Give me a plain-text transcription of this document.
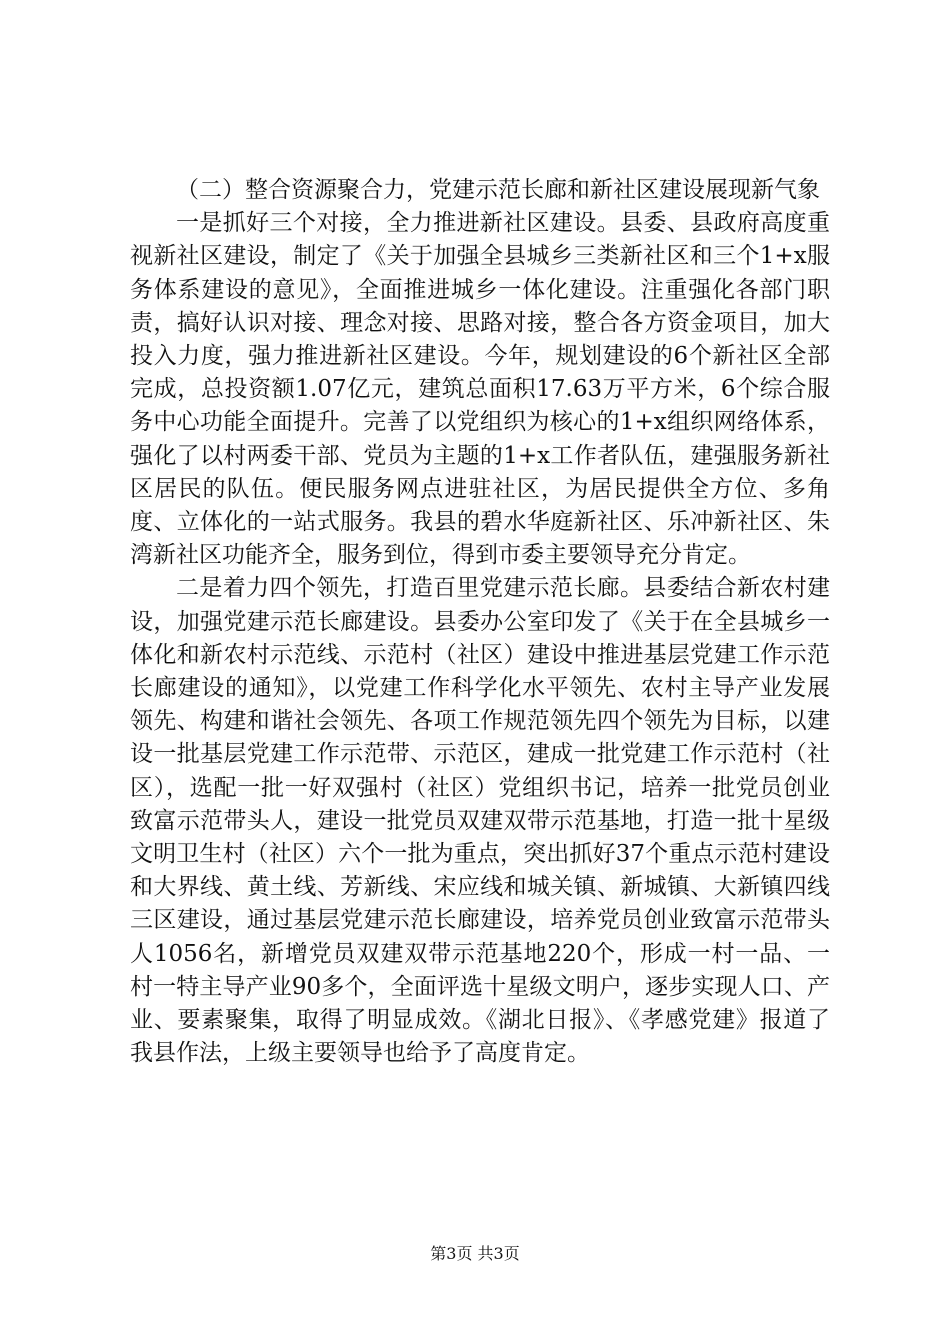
（二）整合资源聚合力，党建示范长廊和新社区建设展现新气象

一是抓好三个对接，全力推进新社区建设。县委、县政府高度重视新社区建设，制定了《关于加强全县城乡三类新社区和三个1+x服务体系建设的意见》，全面推进城乡一体化建设。注重强化各部门职责，搞好认识对接、理念对接、思路对接，整合各方资金项目，加大投入力度，强力推进新社区建设。今年，规划建设的6个新社区全部完成，总投资额1.07亿元，建筑总面积17.63万平方米，6个综合服务中心功能全面提升。完善了以党组织为核心的1+x组织网络体系，强化了以村两委干部、党员为主题的1+x工作者队伍，建强服务新社区居民的队伍。便民服务网点进驻社区，为居民提供全方位、多角度、立体化的一站式服务。我县的碧水华庭新社区、乐冲新社区、朱湾新社区功能齐全，服务到位，得到市委主要领导充分肯定。

二是着力四个领先，打造百里党建示范长廊。县委结合新农村建设，加强党建示范长廊建设。县委办公室印发了《关于在全县城乡一体化和新农村示范线、示范村（社区）建设中推进基层党建工作示范长廊建设的通知》，以党建工作科学化水平领先、农村主导产业发展领先、构建和谐社会领先、各项工作规范领先四个领先为目标，以建设一批基层党建工作示范带、示范区，建成一批党建工作示范村（社区），选配一批一好双强村（社区）党组织书记，培养一批党员创业致富示范带头人，建设一批党员双建双带示范基地，打造一批十星级文明卫生村（社区）六个一批为重点，突出抓好37个重点示范村建设和大界线、黄土线、芳新线、宋应线和城关镇、新城镇、大新镇四线三区建设，通过基层党建示范长廊建设，培养党员创业致富示范带头人1056名，新增党员双建双带示范基地220个，形成一村一品、一村一特主导产业90多个，全面评选十星级文明户，逐步实现人口、产业、要素聚集，取得了明显成效。《湖北日报》、《孝感党建》报道了我县作法，上级主要领导也给予了高度肯定。

第3页 共3页
